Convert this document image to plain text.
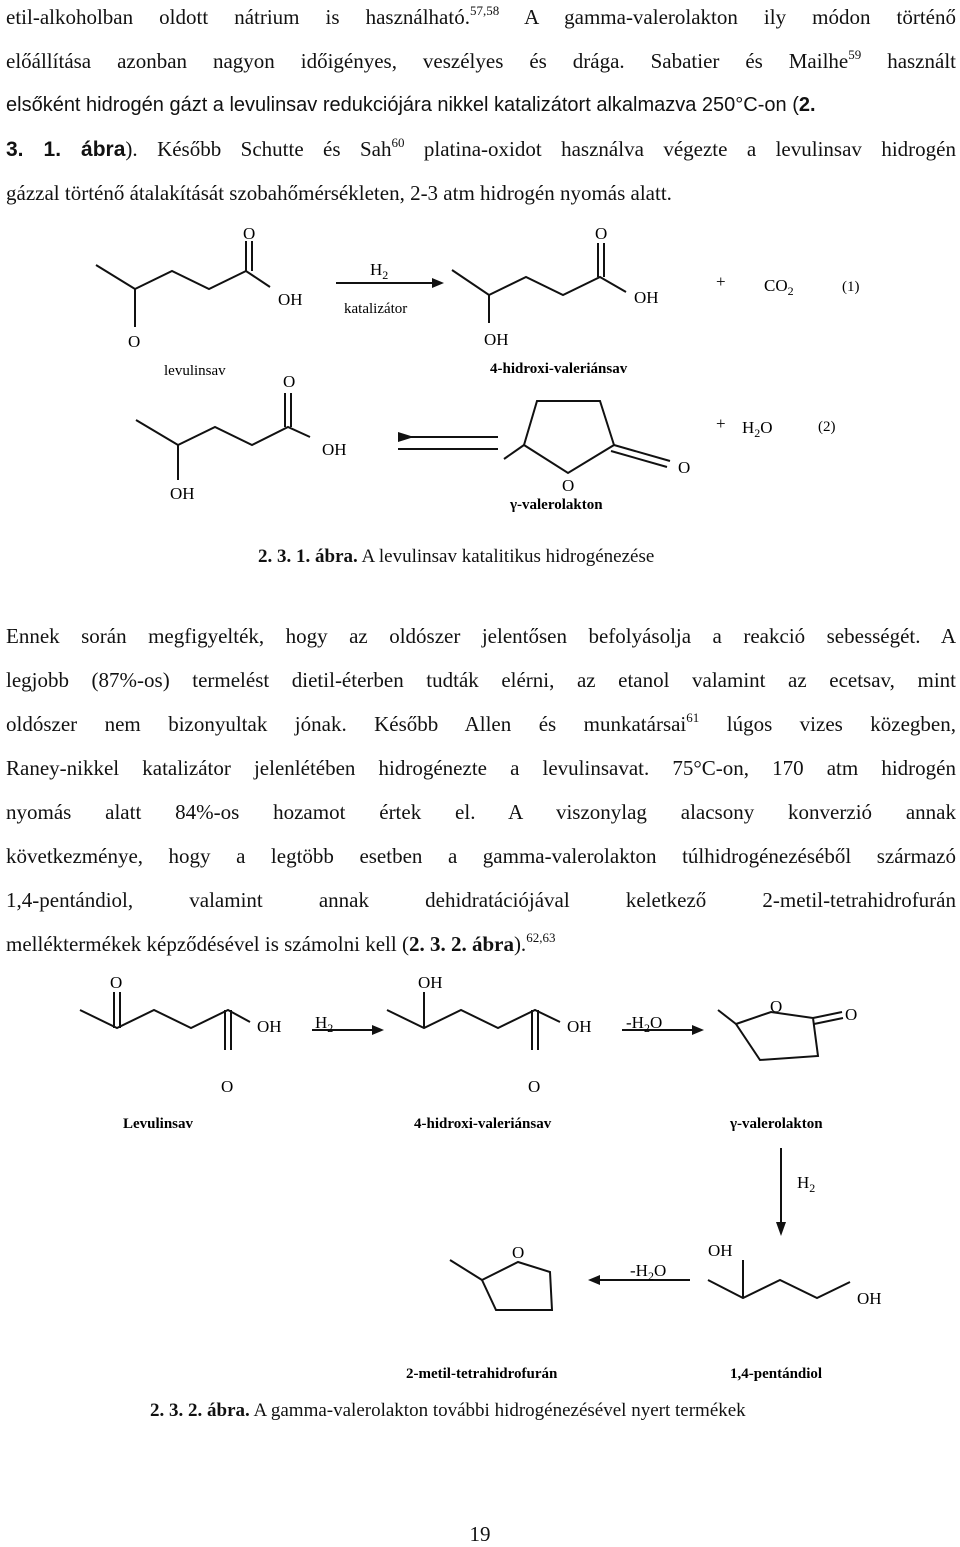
etil-alkoholban oldott nátrium is használható.$^{57,58}$ A gamma-valerolakton ily módon történő
előállítása azonban nagyon időigényes, veszélyes és drága. Sabatier és Mailhe$^{59}$ használt
elsőként hidrogén gázt a levulinsav redukciójára nikkel katalizátort alkalmazva 250°C-on (2.
3. 1. ábra). Később Schutte és Sah$^{60}$ platina-oxidot használva végezte a levulinsav hidrogén
gázzal történő átalakítását szobahőmérsékleten, 2-3 atm hidrogén nyomás alatt.
O
OH
O
levulinsav
$H_2$
katalizátor
O
OH
OH
4-hidroxi-valeriánsav
+ $CO_2$	(1)
O
OH
OH	O
O
γ-valerolakton
+ $H_2O$	(2)
2. 3. 1. ábra. A levulinsav katalitikus hidrogénezése
Ennek során megfigyelték, hogy az oldószer jelentősen befolyásolja a reakció sebességét. A
legjobb (87%-os) termelést dietil-éterben tudták elérni, az etanol valamint az ecetsav, mint
oldószer nem bizonyultak jónak. Később Allen és munkatársai$^{61}$ lúgos vizes közegben,
Raney-nikkel katalizátor jelenlétében hidrogénezte a levulinsavat. 75°C-on, 170 atm hidrogén
nyomás alatt 84%-os hozamot értek el. A viszonylag alacsony konverzió annak
következménye, hogy a legtöbb esetben a gamma-valerolakton túlhidrogénezéséből származó
1,4-pentándiol, valamint annak dehidratációjával keletkező 2-metil-tetrahidrofurán
melléktermékek képződésével is számolni kell (2. 3. 2. ábra).$^{62,63}$
O
OH
O
$H_2$
OH
OH
O
$-H_2O$
O	O
Levulinsav	4-hidroxi-valeriánsav	γ-valerolakton
$H_2$
OH
OH
$-H_2O$
O
2-metil-tetrahidrofurán	1,4-pentándiol
2. 3. 2. ábra. A gamma-valerolakton további hidrogénezésével nyert termékek
19
